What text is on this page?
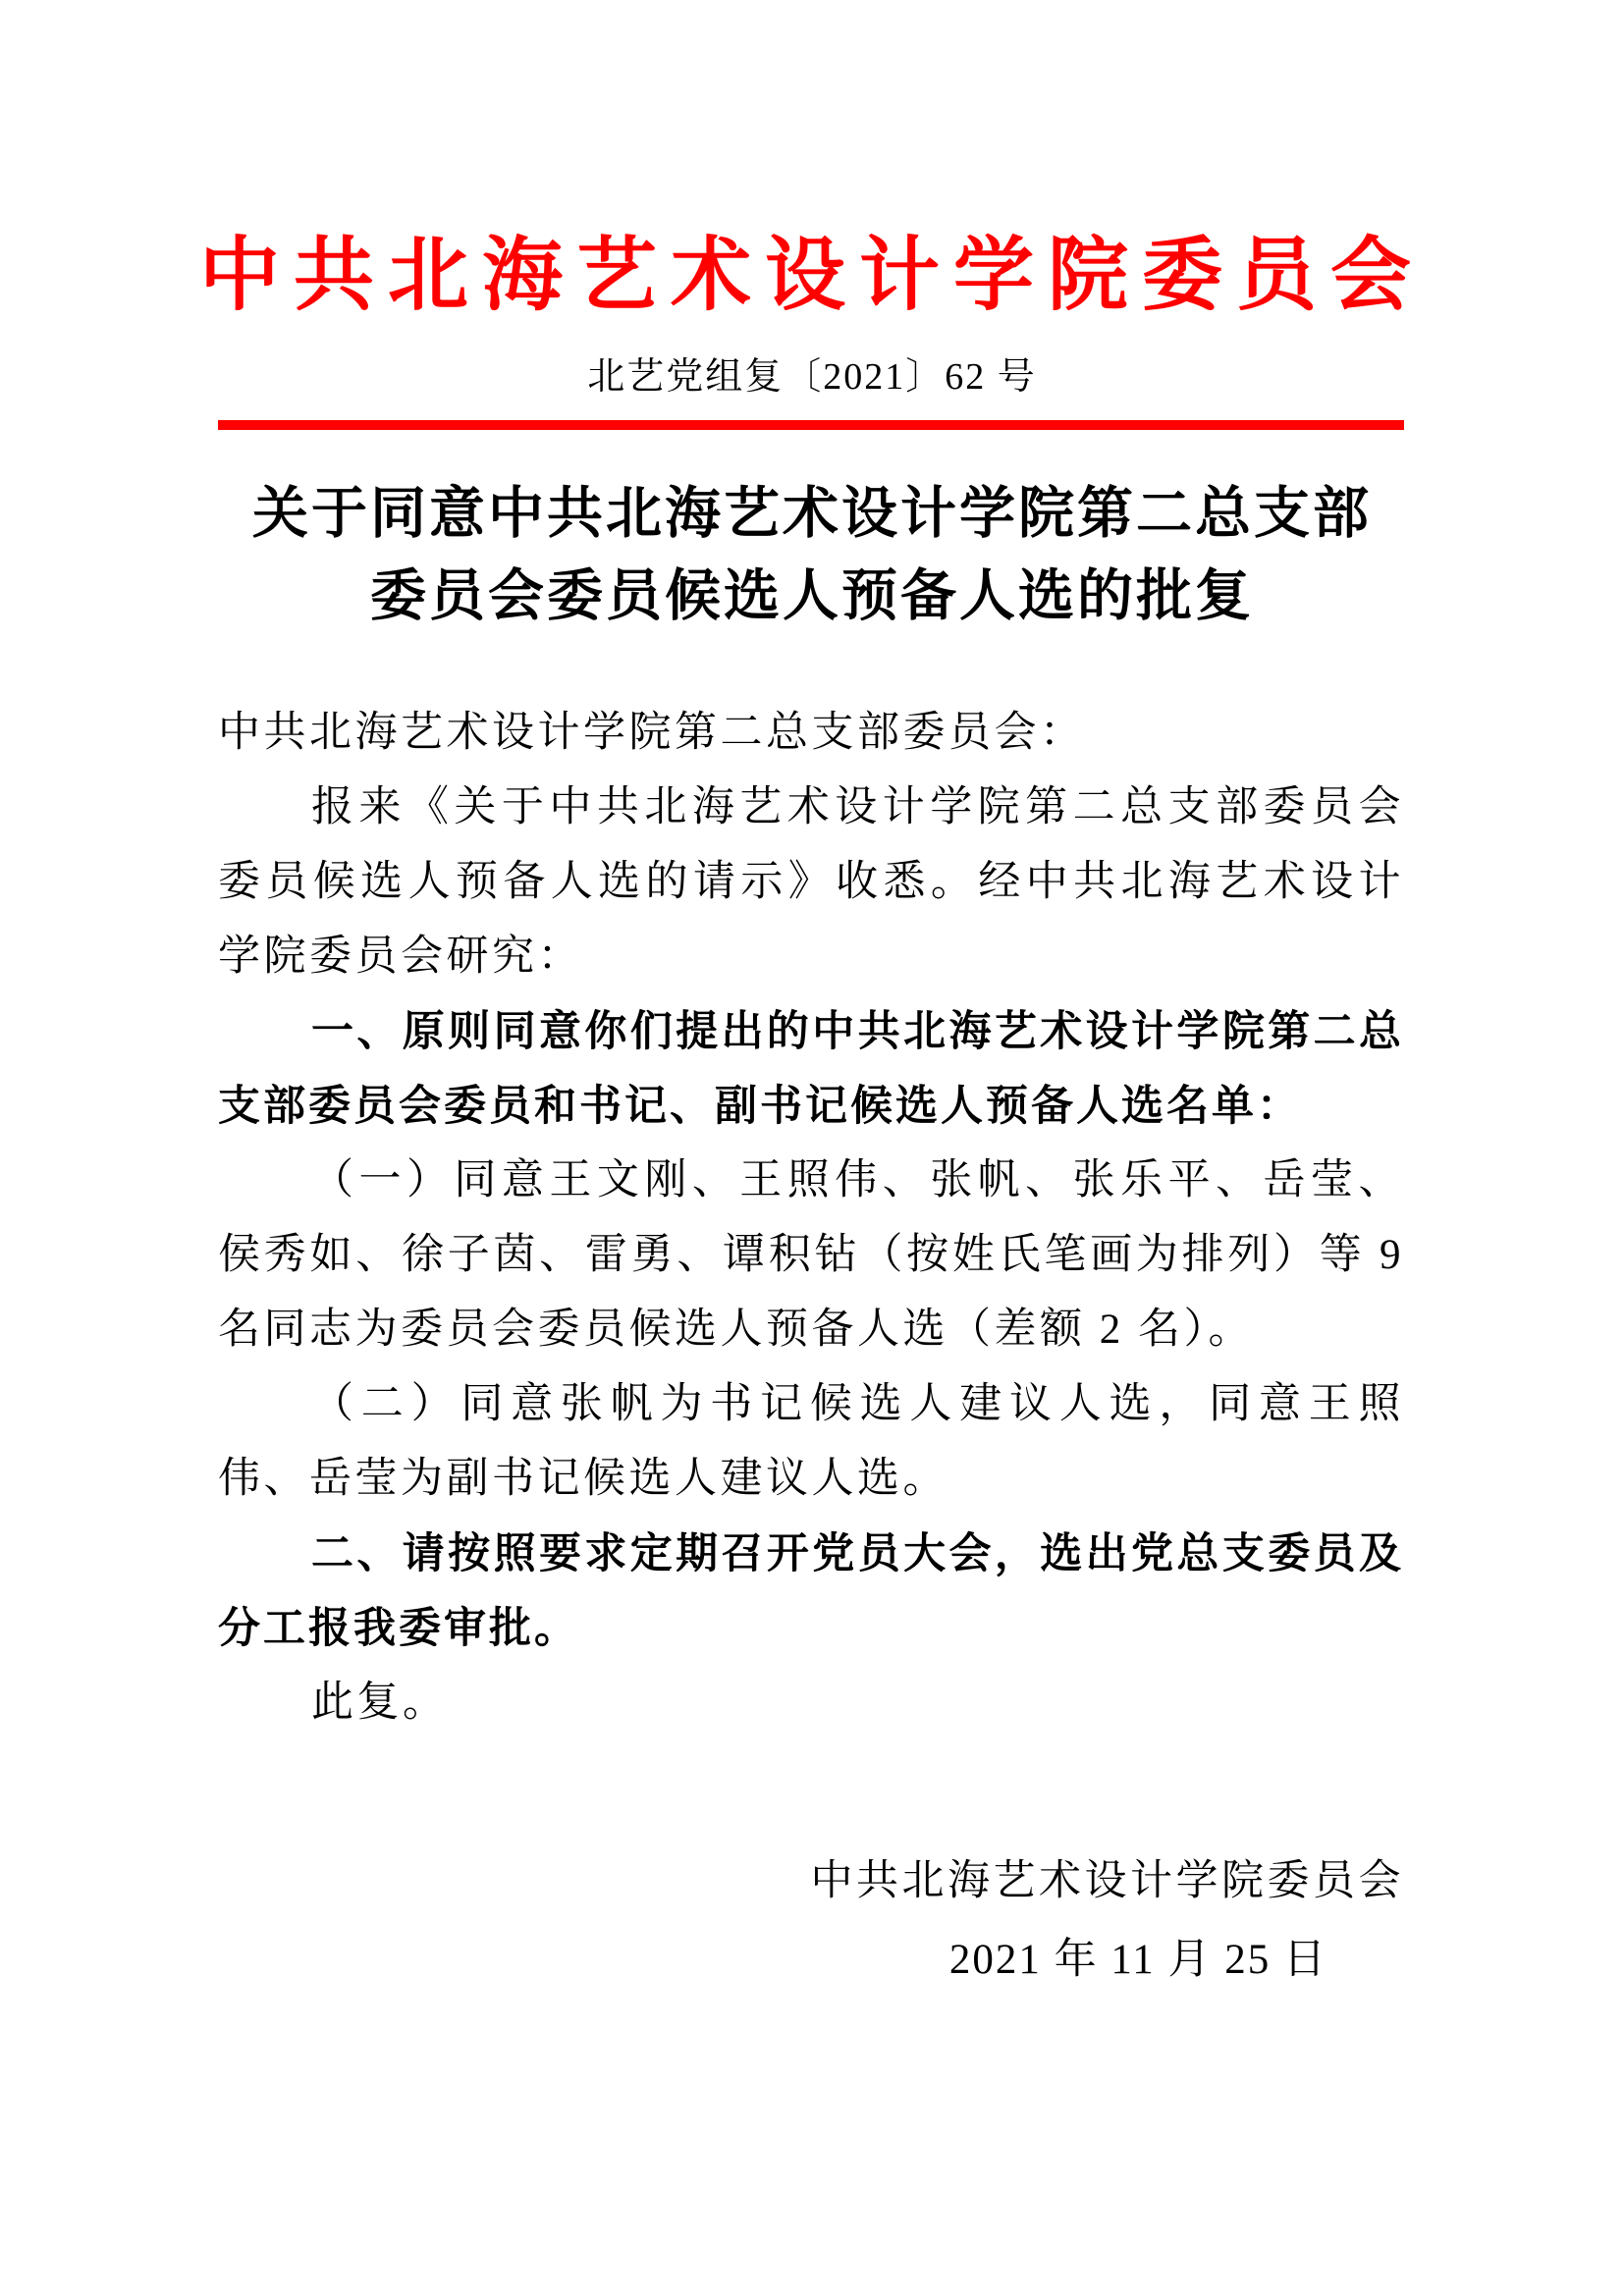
中共北海艺术设计学院委员会
北艺党组复〔2021〕62 号
关于同意中共北海艺术设计学院第二总支部
委员会委员候选人预备人选的批复

中共北海艺术设计学院第二总支部委员会：

报来《关于中共北海艺术设计学院第二总支部委员会委员候选人预备人选的请示》收悉。经中共北海艺术设计学院委员会研究：

一、原则同意你们提出的中共北海艺术设计学院第二总支部委员会委员和书记、副书记候选人预备人选名单：

（一）同意王文刚、王照伟、张帆、张乐平、岳莹、侯秀如、徐子茵、雷勇、谭积钻（按姓氏笔画为排列）等 9 名同志为委员会委员候选人预备人选（差额 2 名）。

（二）同意张帆为书记候选人建议人选，同意王照伟、岳莹为副书记候选人建议人选。

二、请按照要求定期召开党员大会，选出党总支委员及分工报我委审批。

此复。

中共北海艺术设计学院委员会
2021 年 11 月 25 日
